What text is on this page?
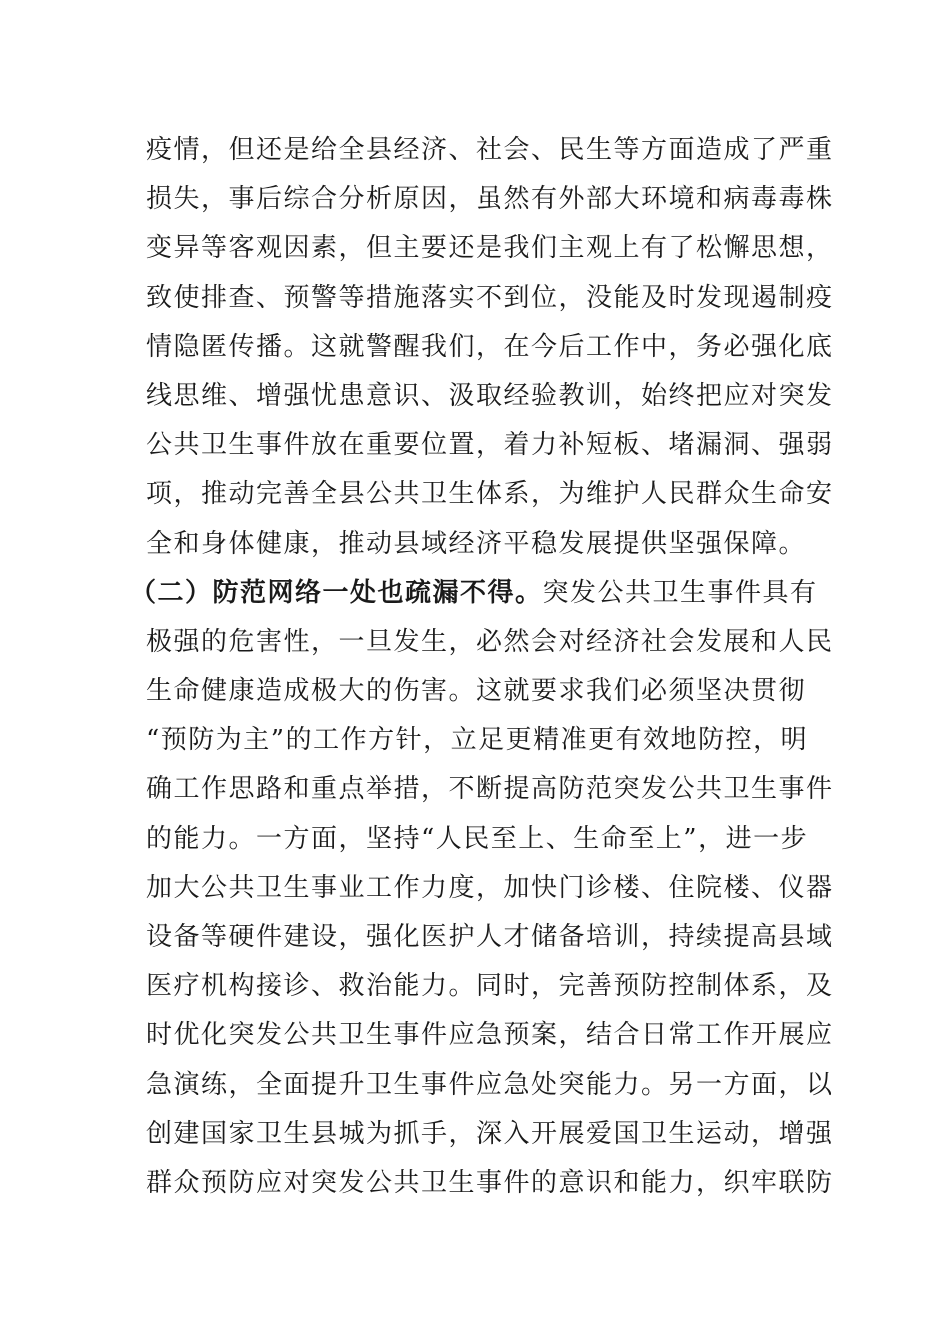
疫情，但还是给全县经济、社会、民生等方面造成了严重
损失，事后综合分析原因，虽然有外部大环境和病毒毒株
变异等客观因素，但主要还是我们主观上有了松懈思想，
致使排查、预警等措施落实不到位，没能及时发现遏制疫
情隐匿传播。这就警醒我们，在今后工作中，务必强化底
线思维、增强忧患意识、汲取经验教训，始终把应对突发
公共卫生事件放在重要位置，着力补短板、堵漏洞、强弱
项，推动完善全县公共卫生体系，为维护人民群众生命安
全和身体健康，推动县域经济平稳发展提供坚强保障。
（二）防范网络一处也疏漏不得。突发公共卫生事件具有
极强的危害性，一旦发生，必然会对经济社会发展和人民
生命健康造成极大的伤害。这就要求我们必须坚决贯彻
“预防为主”的工作方针，立足更精准更有效地防控，明
确工作思路和重点举措，不断提高防范突发公共卫生事件
的能力。一方面，坚持“人民至上、生命至上”，进一步
加大公共卫生事业工作力度，加快门诊楼、住院楼、仪器
设备等硬件建设，强化医护人才储备培训，持续提高县域
医疗机构接诊、救治能力。同时，完善预防控制体系，及
时优化突发公共卫生事件应急预案，结合日常工作开展应
急演练，全面提升卫生事件应急处突能力。另一方面，以
创建国家卫生县城为抓手，深入开展爱国卫生运动，增强
群众预防应对突发公共卫生事件的意识和能力，织牢联防
